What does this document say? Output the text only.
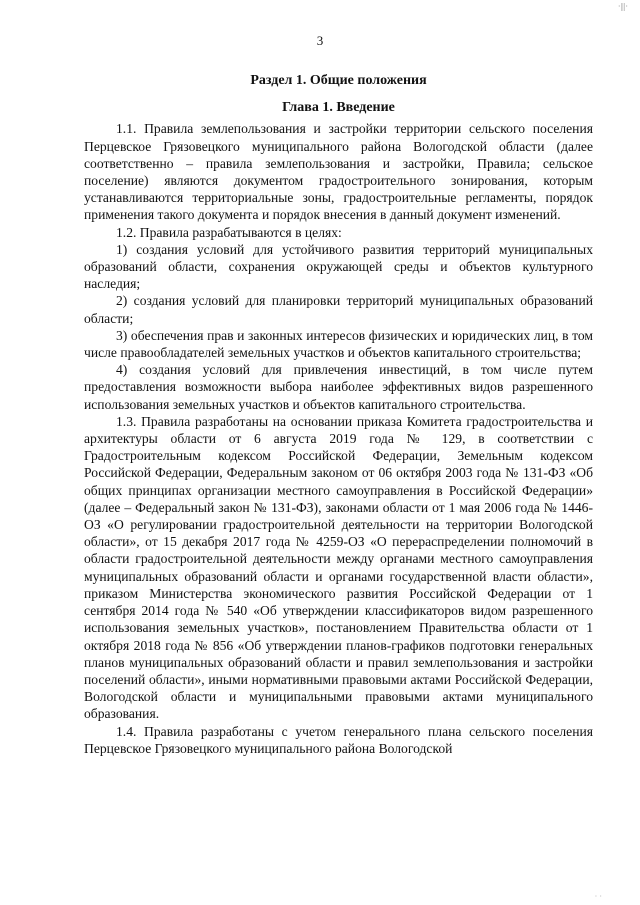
·|||·
3
Раздел 1. Общие положения
Глава 1. Введение

1.1. Правила землепользования и застройки территории сельского поселения Перцевское Грязовецкого муниципального района Вологодской области (далее соответственно – правила землепользования и застройки, Правила; сельское поселение) являются документом градостроительного зонирования, которым устанавливаются территориальные зоны, градостроительные регламенты, порядок применения такого документа и порядок внесения в данный документ изменений.

1.2. Правила разрабатываются в целях:

1) создания условий для устойчивого развития территорий муниципальных образований области, сохранения окружающей среды и объектов культурного наследия;

2) создания условий для планировки территорий муниципальных образований области;

3) обеспечения прав и законных интересов физических и юридических лиц, в том числе правообладателей земельных участков и объектов капитального строительства;

4) создания условий для привлечения инвестиций, в том числе путем предоставления возможности выбора наиболее эффективных видов разрешенного использования земельных участков и объектов капитального строительства.

1.3. Правила разработаны на основании приказа Комитета градостроительства и архитектуры области от 6 августа 2019 года № 129, в соответствии с Градостроительным кодексом Российской Федерации, Земельным кодексом Российской Федерации, Федеральным законом от 06 октября 2003 года № 131-ФЗ «Об общих принципах организации местного самоуправления в Российской Федерации» (далее – Федеральный закон № 131-ФЗ), законами области от 1 мая 2006 года № 1446-ОЗ «О регулировании градостроительной деятельности на территории Вологодской области», от 15 декабря 2017 года № 4259-ОЗ «О перераспределении полномочий в области градостроительной деятельности между органами местного самоуправления муниципальных образований области и органами государственной власти области», приказом Министерства экономического развития Российской Федерации от 1 сентября 2014 года № 540 «Об утверждении классификаторов видом разрешенного использования земельных участков», постановлением Правительства области от 1 октября 2018 года № 856 «Об утверждении планов-графиков подготовки генеральных планов муниципальных образований области и правил землепользования и застройки поселений области», иными нормативными правовыми актами Российской Федерации, Вологодской области и муниципальными правовыми актами муниципального образования.

1.4. Правила разработаны с учетом генерального плана сельского поселения Перцевское Грязовецкого муниципального района Вологодской

· ·
